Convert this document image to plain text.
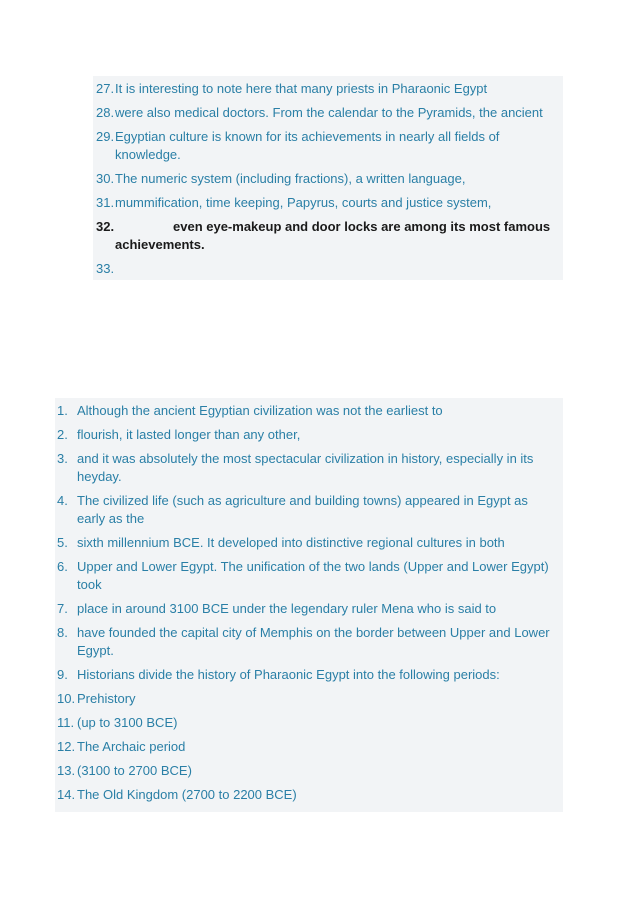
27. It is interesting to note here that many priests in Pharaonic Egypt
28. were also medical doctors. From the calendar to the Pyramids, the ancient
29. Egyptian culture is known for its achievements in nearly all fields of knowledge.
30. The numeric system (including fractions), a written language,
31. mummification, time keeping, Papyrus, courts and justice system,
32.	even eye-makeup and door locks are among its most famous achievements.
33.
1. Although the ancient Egyptian civilization was not the earliest to
2. flourish, it lasted longer than any other,
3. and it was absolutely the most spectacular civilization in history, especially in its heyday.
4. The civilized life (such as agriculture and building towns) appeared in Egypt as early as the
5. sixth millennium BCE. It developed into distinctive regional cultures in both
6. Upper and Lower Egypt. The unification of the two lands (Upper and Lower Egypt) took
7. place in around 3100 BCE under the legendary ruler Mena who is said to
8. have founded the capital city of Memphis on the border between Upper and Lower Egypt.
9. Historians divide the history of Pharaonic Egypt into the following periods:
10. Prehistory
11. (up to 3100 BCE)
12. The Archaic period
13. (3100 to 2700 BCE)
14. The Old Kingdom (2700 to 2200 BCE)
